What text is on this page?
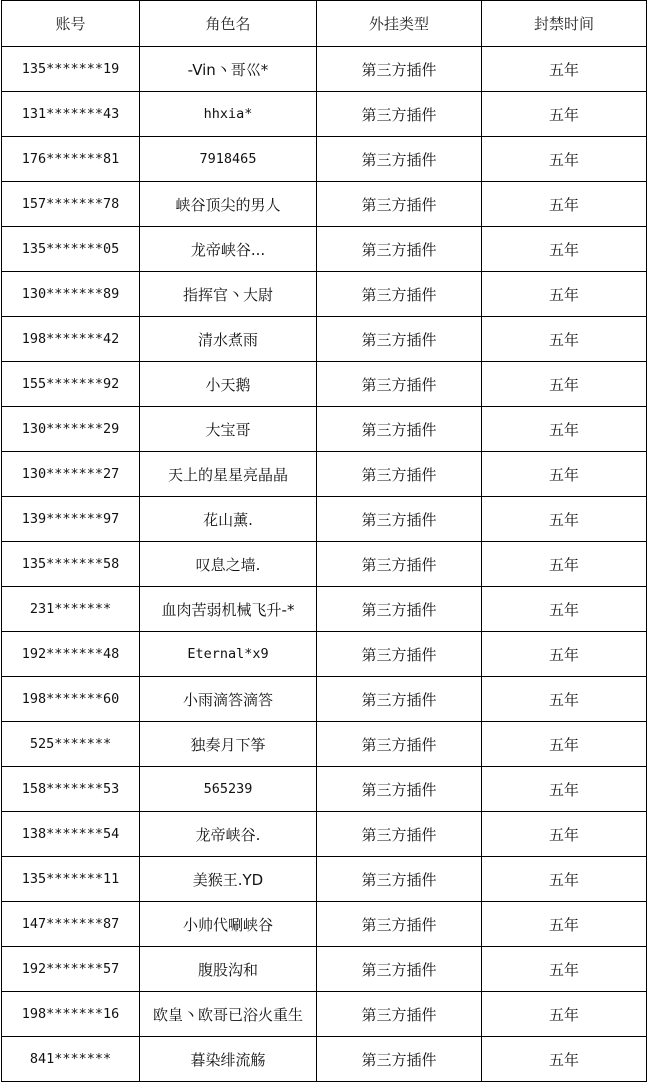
账号	角色名	外挂类型	封禁时间
135*******19	-Vin丶哥巛*	第三方插件	五年
131*******43	hhxia*	第三方插件	五年
176*******81	7918465	第三方插件	五年
157*******78	峡谷顶尖的男人	第三方插件	五年
135*******05	龙帝峡谷...	第三方插件	五年
130*******89	指挥官丶大尉	第三方插件	五年
198*******42	清水煮雨	第三方插件	五年
155*******92	小天鹅	第三方插件	五年
130*******29	大宝哥	第三方插件	五年
130*******27	天上的星星亮晶晶	第三方插件	五年
139*******97	花山薰.	第三方插件	五年
135*******58	叹息之墙.	第三方插件	五年
231*******	血肉苦弱机械飞升-*	第三方插件	五年
192*******48	Eternal*x9	第三方插件	五年
198*******60	小雨滴答滴答	第三方插件	五年
525*******	独奏月下筝	第三方插件	五年
158*******53	565239	第三方插件	五年
138*******54	龙帝峡谷.	第三方插件	五年
135*******11	美猴王.YD	第三方插件	五年
147*******87	小帅代唰峡谷	第三方插件	五年
192*******57	腹股沟和	第三方插件	五年
198*******16	欧皇丶欧哥已浴火重生	第三方插件	五年
841*******	暮染绯流觞	第三方插件	五年
